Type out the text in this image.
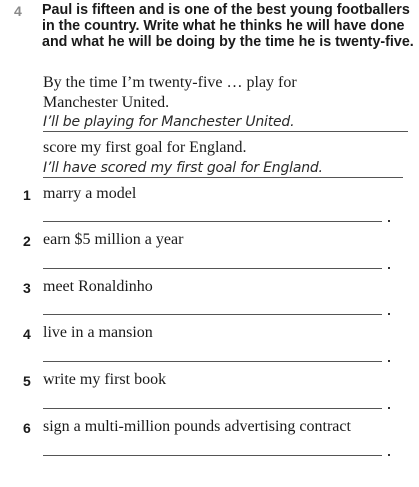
4 Paul is fifteen and is one of the best young footballers in the country. Write what he thinks he will have done and what he will be doing by the time he is twenty-five.
By the time I’m twenty-five … play for
Manchester United.
I’ll be playing for Manchester United.
score my first goal for England.
I’ll have scored my first goal for England.
1 marry a model
2 earn $5 million a year
3 meet Ronaldinho
4 live in a mansion
5 write my first book
6 sign a multi-million pounds advertising contract
